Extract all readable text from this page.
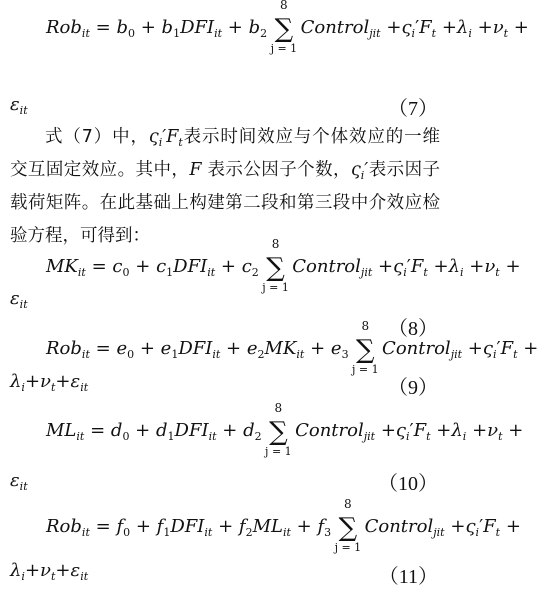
$Rob_{it} = b_0 + b_1DFI_{it} + b_2$
8
∑
j = 1
Control$_{jit}$ $+\varsigma_i'F_t +\lambda_i +\nu_t$ +
$\varepsilon_{it}$	（7）
式（7）中，$\varsigma_i'F_t$表示时间效应与个体效应的一维交互固定效应。其中，F 表示公因子个数，$\varsigma_i'$表示因子载荷矩阵。在此基础上构建第二段和第三段中介效应检验方程，可得到：
$MK_{it} = c_0 + c_1DFI_{it} + c_2$
8
∑
j = 1
Control$_{jit}$ $+\varsigma_i'F_t +\lambda_i +\nu_t$ +
$\varepsilon_{it}$
（8）
$Rob_{it} = e_0 + e_1DFI_{it} + e_2MK_{it} + e_3$
8
∑
j = 1
Control$_{jit}$ $+\varsigma_i'F_t$ +
$\lambda_i+\nu_t+\varepsilon_{it}$	（9）
$ML_{it} = d_0 + d_1DFI_{it} + d_2$
8
∑
j = 1
Control$_{jit}$ $+\varsigma_i'F_t +\lambda_i +\nu_t$ +
$\varepsilon_{it}$	（10）
$Rob_{it} = f_0 + f_1DFI_{it} + f_2ML_{it} + f_3$
8
∑
j = 1
Control$_{jit}$ $+\varsigma_i'F_t$ +
$\lambda_i+\nu_t+\varepsilon_{it}$	（11）
